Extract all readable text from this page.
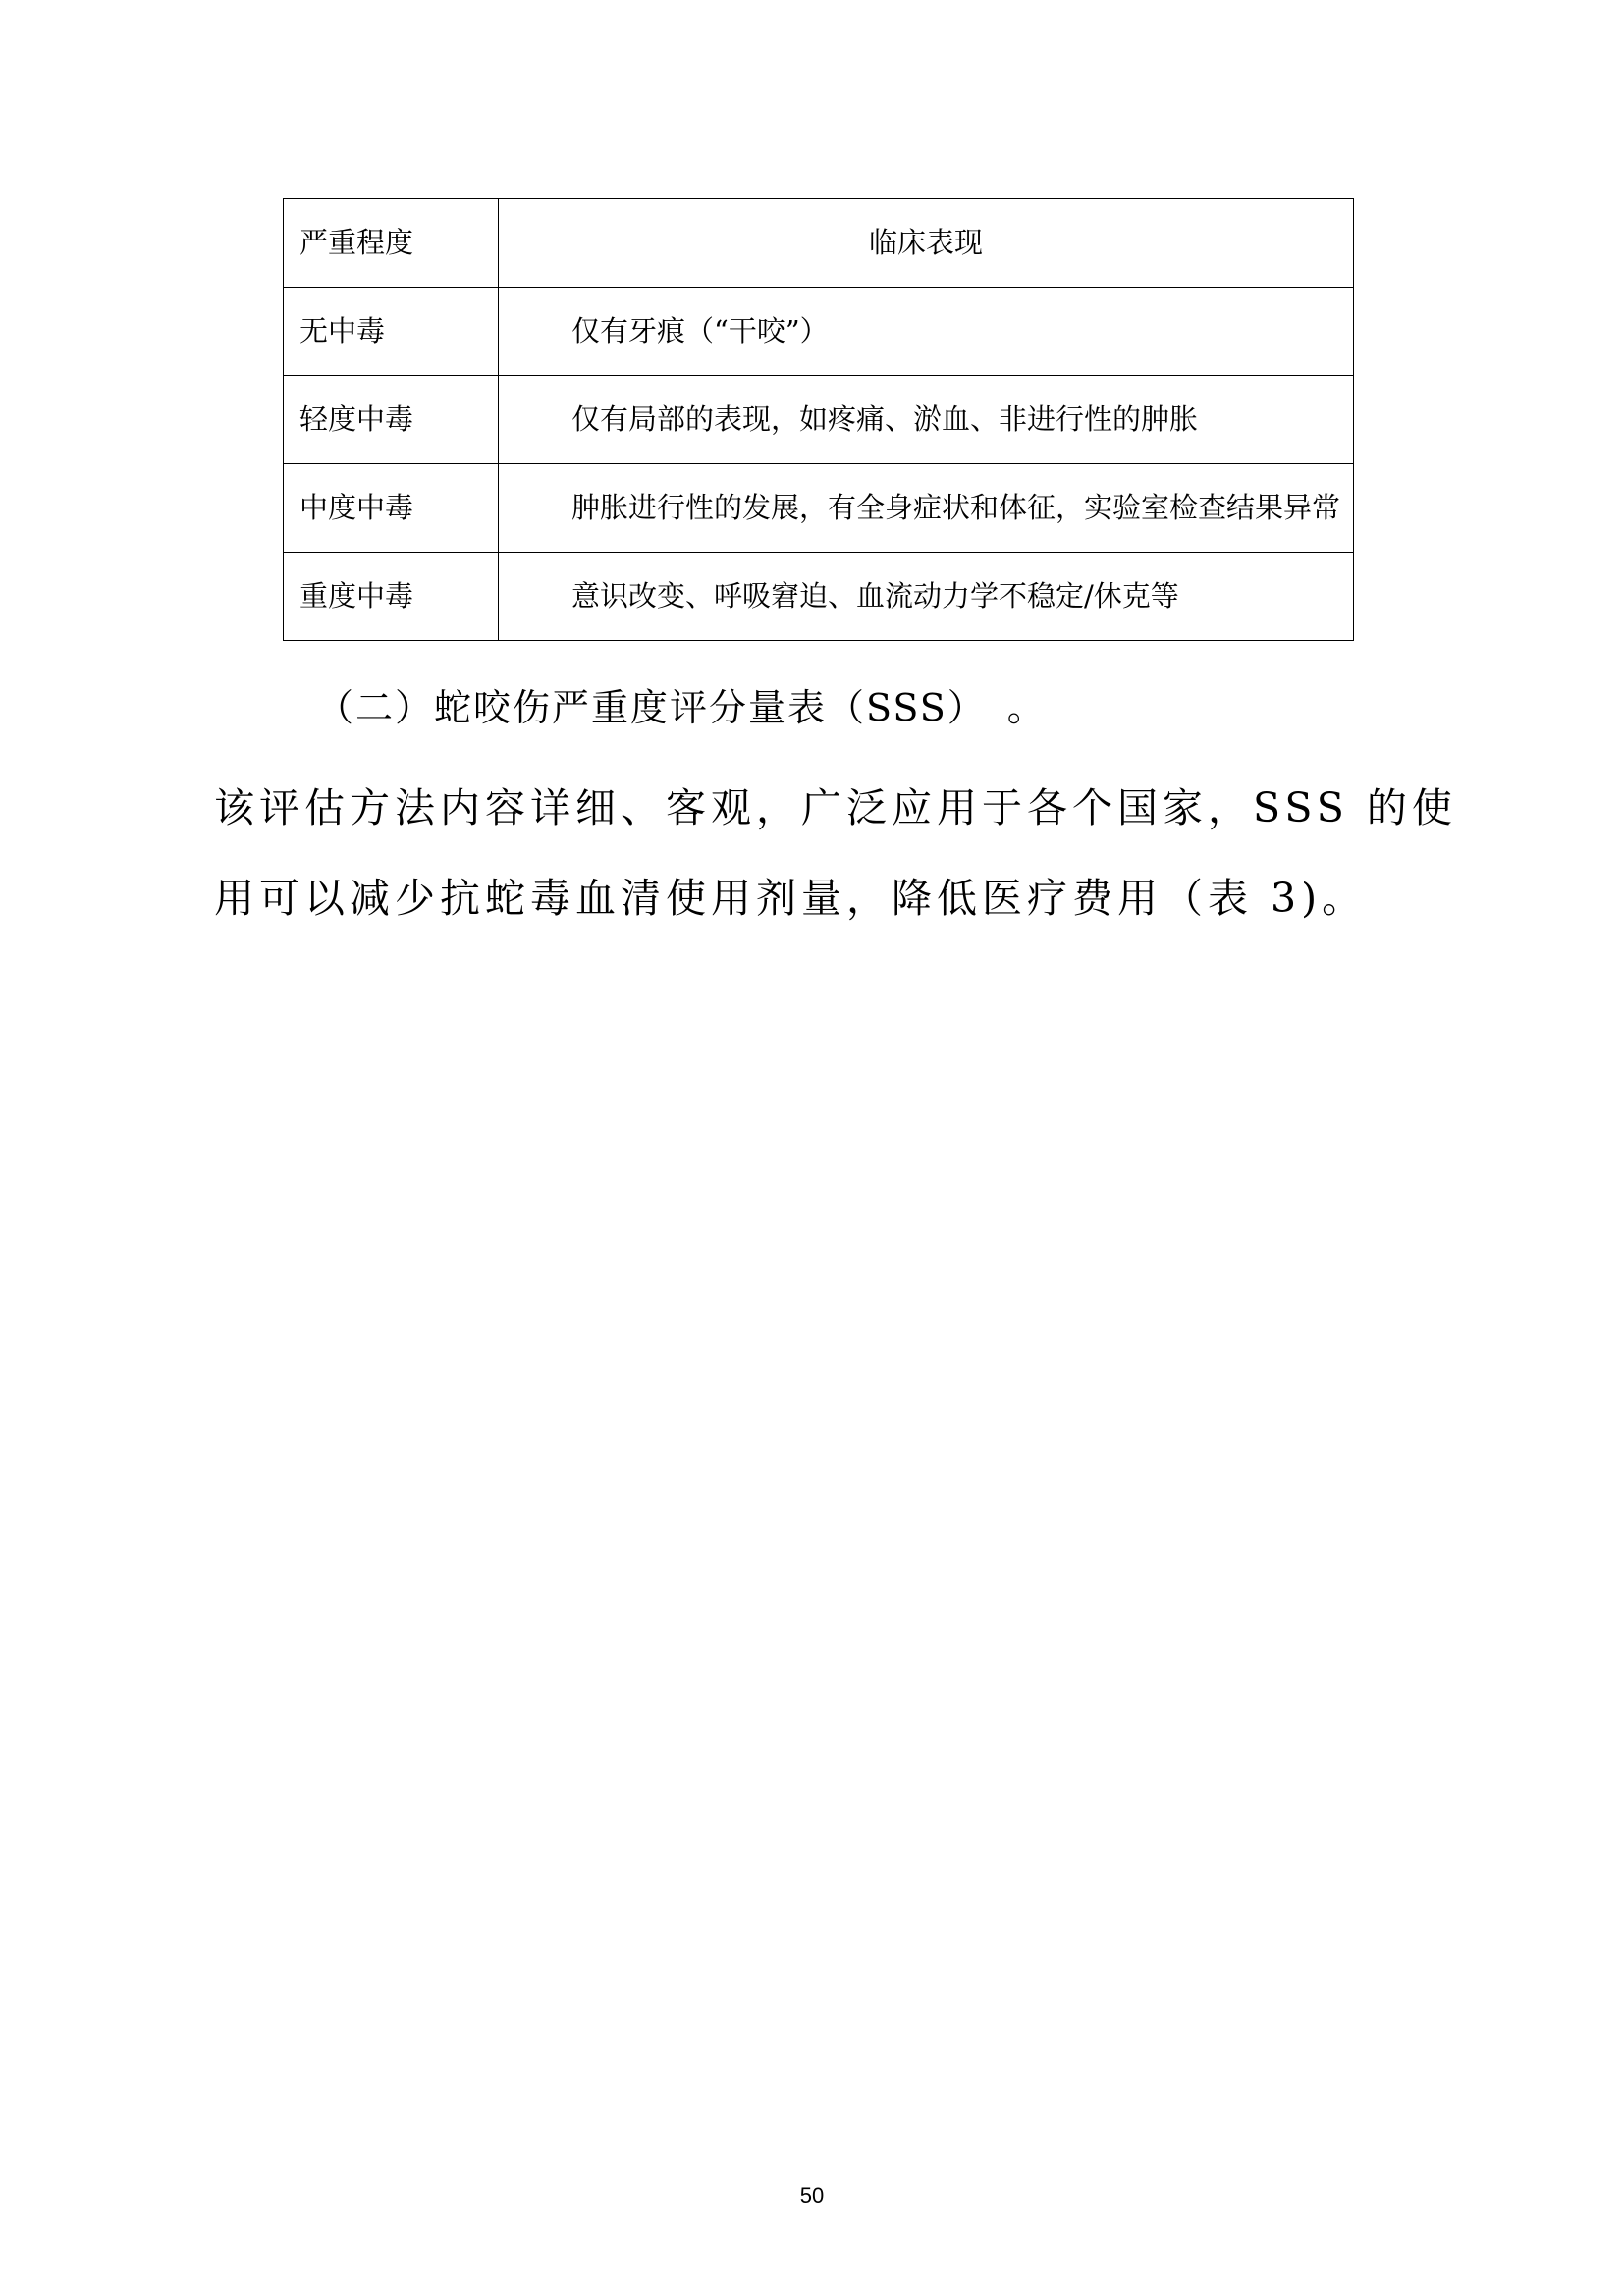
严重程度	临床表现
无中毒	仅有牙痕（“干咬”）
轻度中毒	仅有局部的表现，如疼痛、淤血、非进行性的肿胀
中度中毒	肿胀进行性的发展，有全身症状和体征，实验室检查结果异常
重度中毒	意识改变、呼吸窘迫、血流动力学不稳定/休克等
（二）蛇咬伤严重度评分量表（SSS）　。
该评估方法内容详细、客观，广泛应用于各个国家，SSS 的使
用可以减少抗蛇毒血清使用剂量，降低医疗费用（表 3)。
50
